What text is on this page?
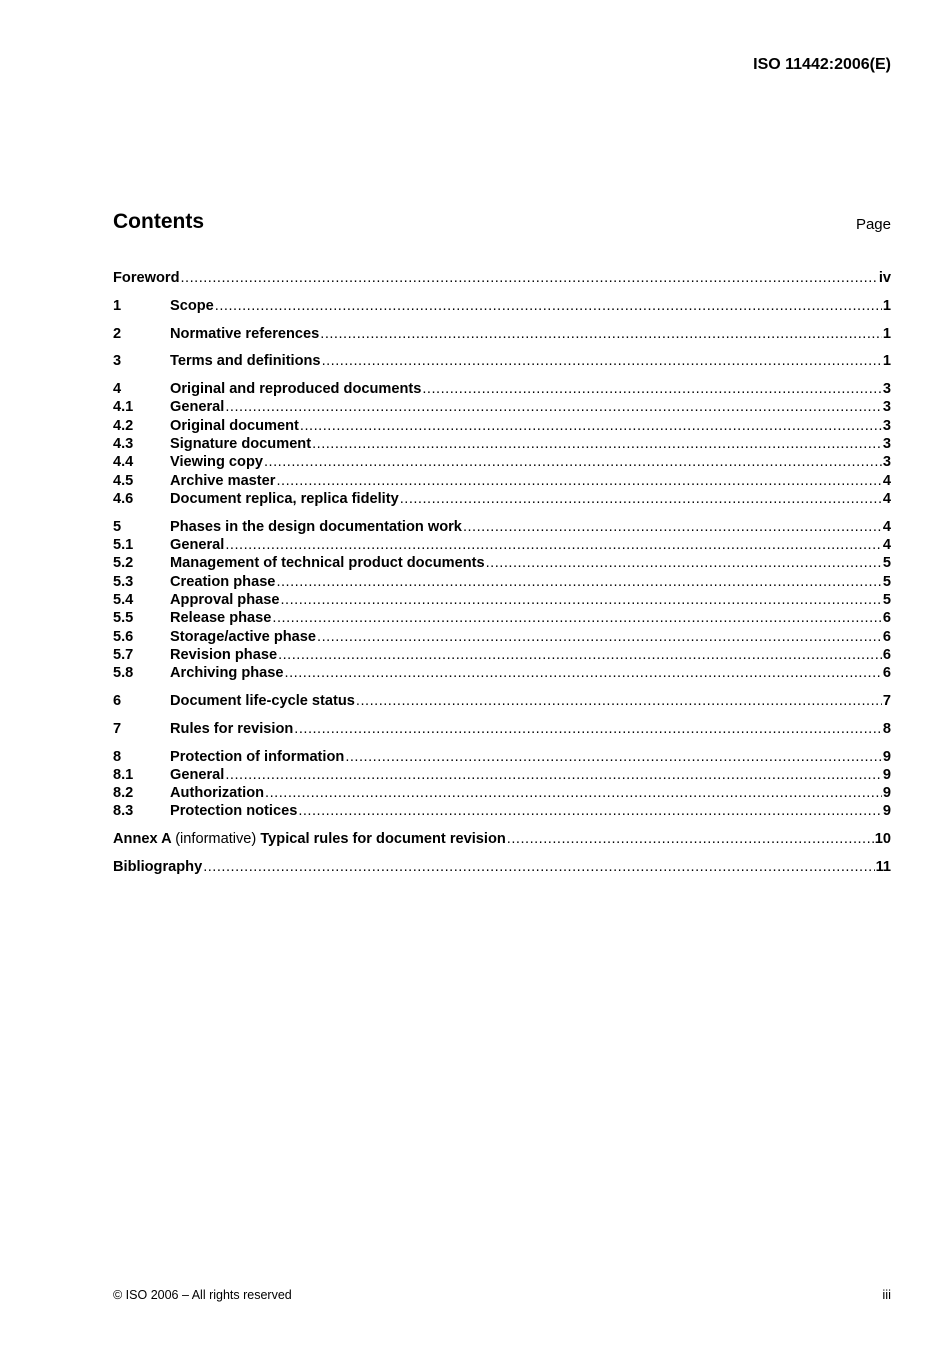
ISO 11442:2006(E)
Contents	Page
Foreword .....	iv
1	Scope .....	1
2	Normative references .....	1
3	Terms and definitions .....	1
4	Original and reproduced documents .....	3
4.1	General .....	3
4.2	Original document .....	3
4.3	Signature document .....	3
4.4	Viewing copy .....	3
4.5	Archive master .....	4
4.6	Document replica, replica fidelity .....	4
5	Phases in the design documentation work .....	4
5.1	General .....	4
5.2	Management of technical product documents .....	5
5.3	Creation phase .....	5
5.4	Approval phase .....	5
5.5	Release phase .....	6
5.6	Storage/active phase .....	6
5.7	Revision phase .....	6
5.8	Archiving phase .....	6
6	Document life-cycle status .....	7
7	Rules for revision .....	8
8	Protection of information .....	9
8.1	General .....	9
8.2	Authorization .....	9
8.3	Protection notices .....	9
Annex A (informative) Typical rules for document revision .....	10
Bibliography .....	11
© ISO 2006 – All rights reserved	iii
